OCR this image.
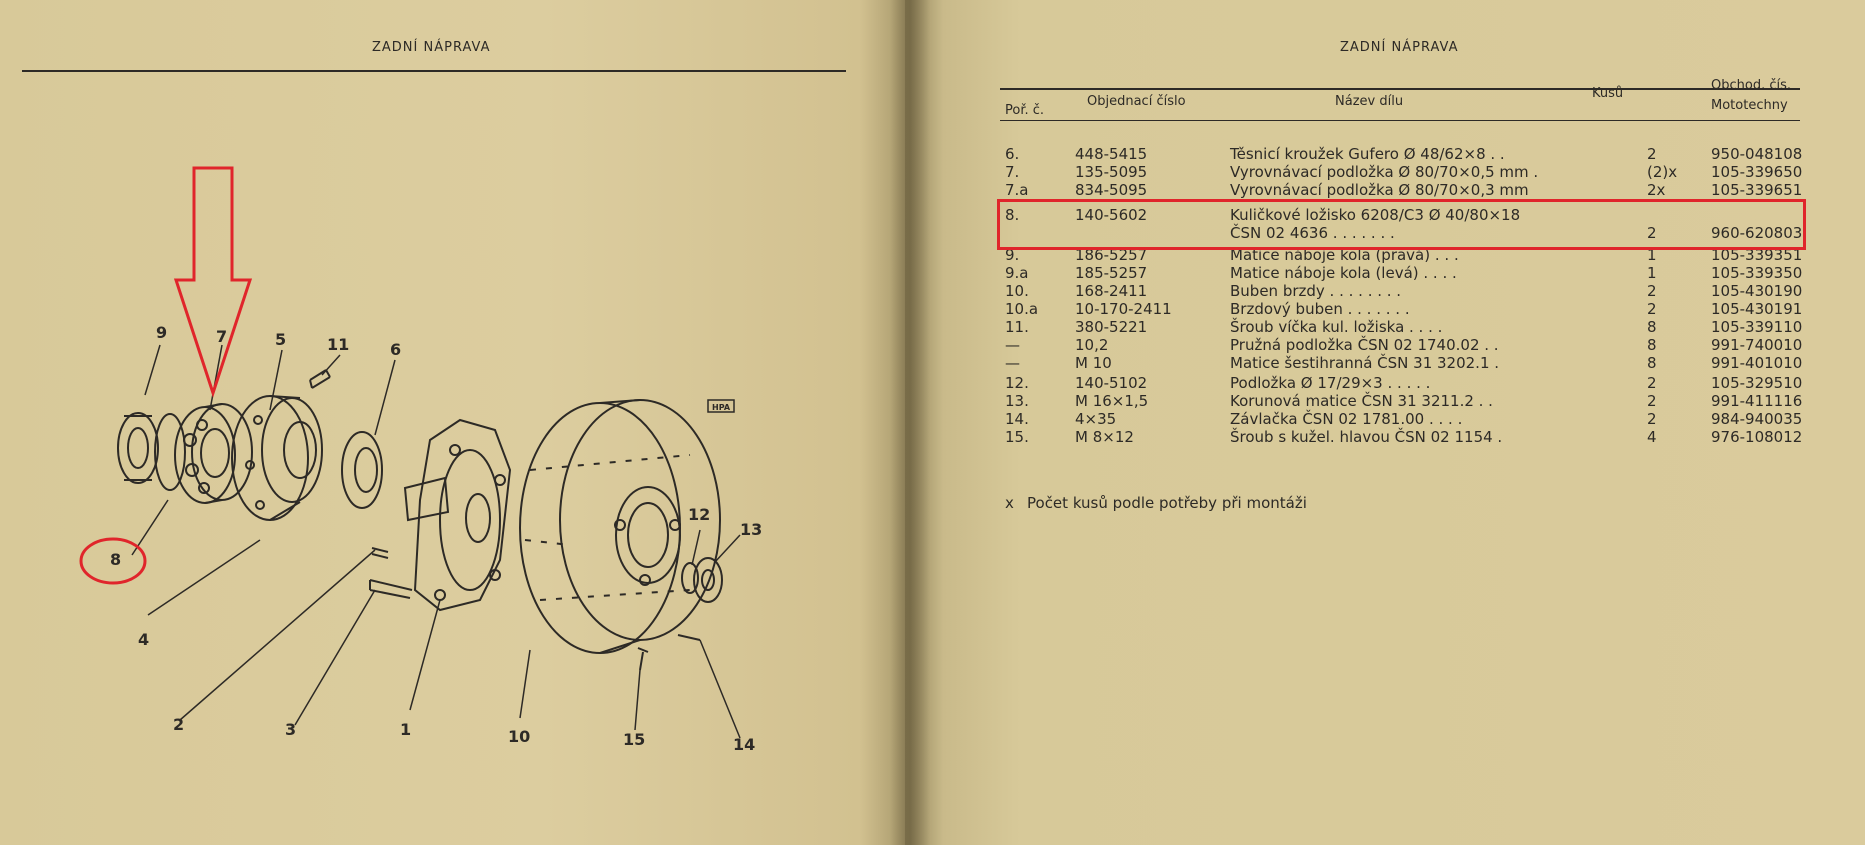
ZADNÍ NÁPRAVA
9	7	5	11	6
8
4
2	3	1	10	15
12
13
14
HPA
ZADNÍ NÁPRAVA
Poř. č.
Objednací číslo	Název dílu
Kusů
Obchod. čís.
Mototechny
6.	448-5415	Těsnicí kroužek Gufero Ø 48/62×8 . .	2	950-048108
7.	135-5095	Vyrovnávací podložka Ø 80/70×0,5 mm .	(2)x 105-339650
7.a	834-5095	Vyrovnávací podložka Ø 80/70×0,3 mm	2x	105-339651
8.	140-5602	Kuličkové ložisko 6208/C3 Ø 40/80×18
ČSN 02 4636 . . . . . . .	2	960-620803
9.	186-5257	Matice náboje kola (pravá) . . .	1	105-339351
9.a	185-5257	Matice náboje kola (levá) . . . .	1	105-339350
10.	168-2411	Buben brzdy . . . . . . . .	2	105-430190
10.a 10-170-2411	Brzdový buben . . . . . . .	2	105-430191
11.	380-5221	Šroub víčka kul. ložiska . . . .	8	105-339110
—	10,2	Pružná podložka ČSN 02 1740.02 . .	8	991-740010
—	M 10	Matice šestihranná ČSN 31 3202.1 .	8	991-401010
12.	140-5102	Podložka Ø 17/29×3 . . . . .	2	105-329510
13.	M 16×1,5	Korunová matice ČSN 31 3211.2 . .	2	991-411116
14.	4×35	Závlačka ČSN 02 1781.00 . . . .	2	984-940035
15.	M 8×12	Šroub s kužel. hlavou ČSN 02 1154 .	4	976-108012
x Počet kusů podle potřeby při montáži
